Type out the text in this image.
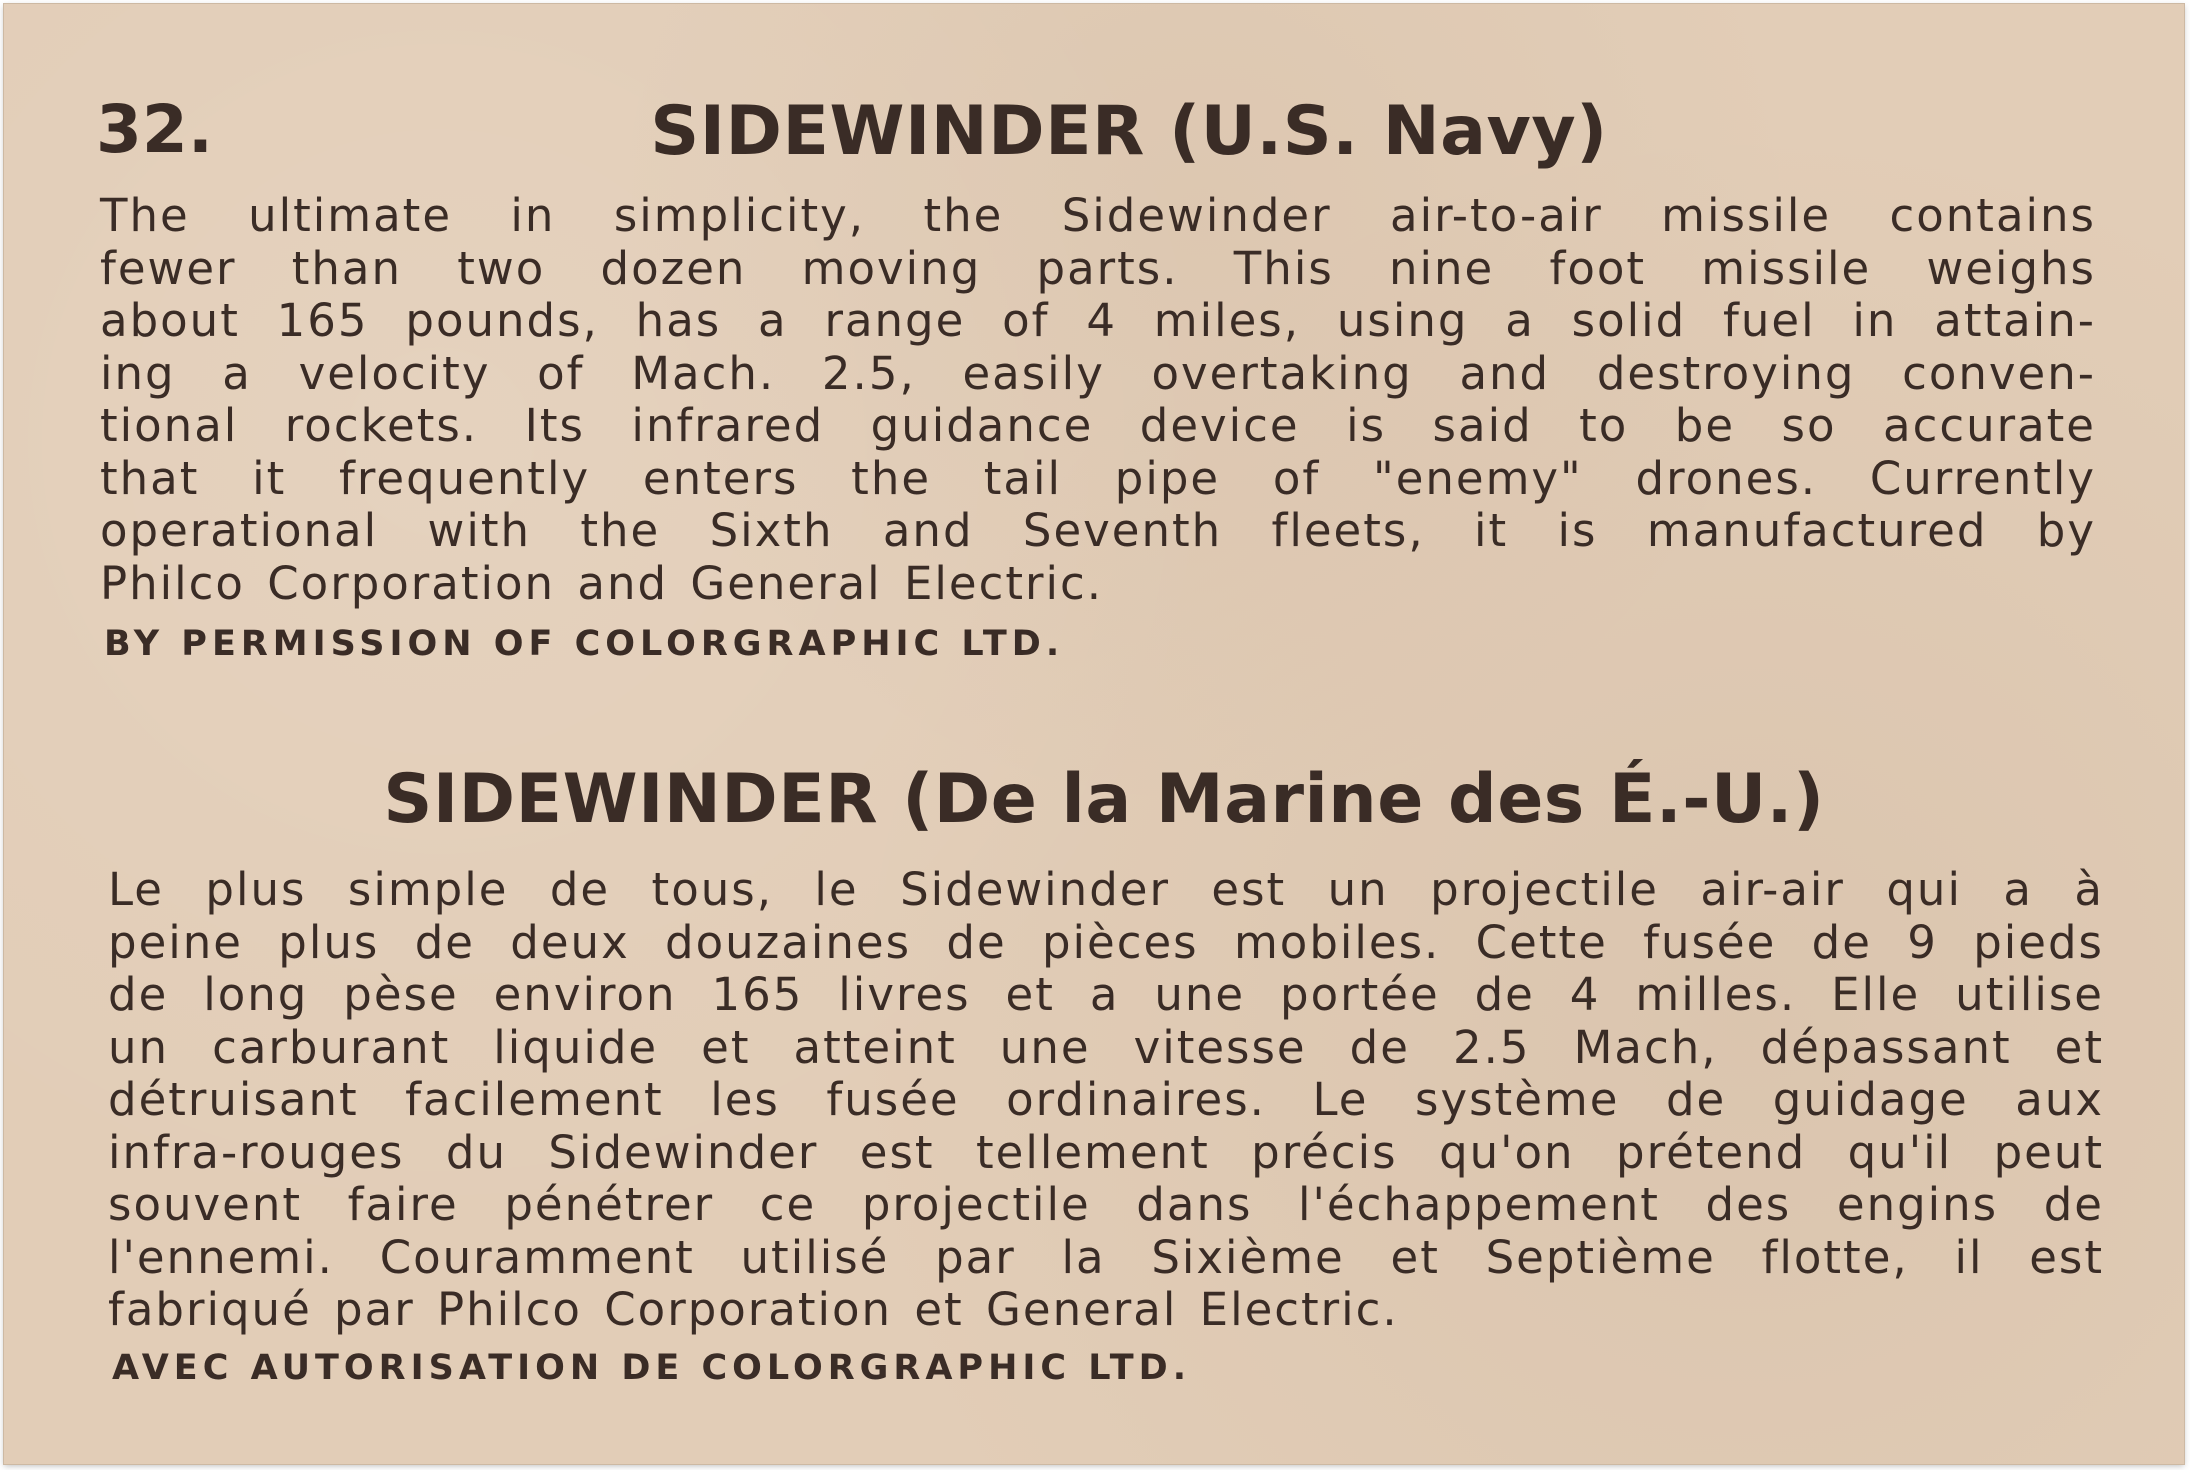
32.	SIDEWINDER (U.S. Navy)
The ultimate in simplicity, the Sidewinder air-to-air missile contains
fewer than two dozen moving parts. This nine foot missile weighs
about 165 pounds, has a range of 4 miles, using a solid fuel in attain-
ing a velocity of Mach. 2.5, easily overtaking and destroying conven-
tional rockets. Its infrared guidance device is said to be so accurate
that it frequently enters the tail pipe of "enemy" drones. Currently
operational with the Sixth and Seventh fleets, it is manufactured by
Philco Corporation and General Electric.
BY PERMISSION OF COLORGRAPHIC LTD.
SIDEWINDER (De la Marine des É.-U.)
Le plus simple de tous, le Sidewinder est un projectile air-air qui a à
peine plus de deux douzaines de pièces mobiles. Cette fusée de 9 pieds
de long pèse environ 165 livres et a une portée de 4 milles. Elle utilise
un carburant liquide et atteint une vitesse de 2.5 Mach, dépassant et
détruisant facilement les fusée ordinaires. Le système de guidage aux
infra-rouges du Sidewinder est tellement précis qu'on prétend qu'il peut
souvent faire pénétrer ce projectile dans l'échappement des engins de
l'ennemi. Couramment utilisé par la Sixième et Septième flotte, il est
fabriqué par Philco Corporation et General Electric.
AVEC AUTORISATION DE COLORGRAPHIC LTD.
